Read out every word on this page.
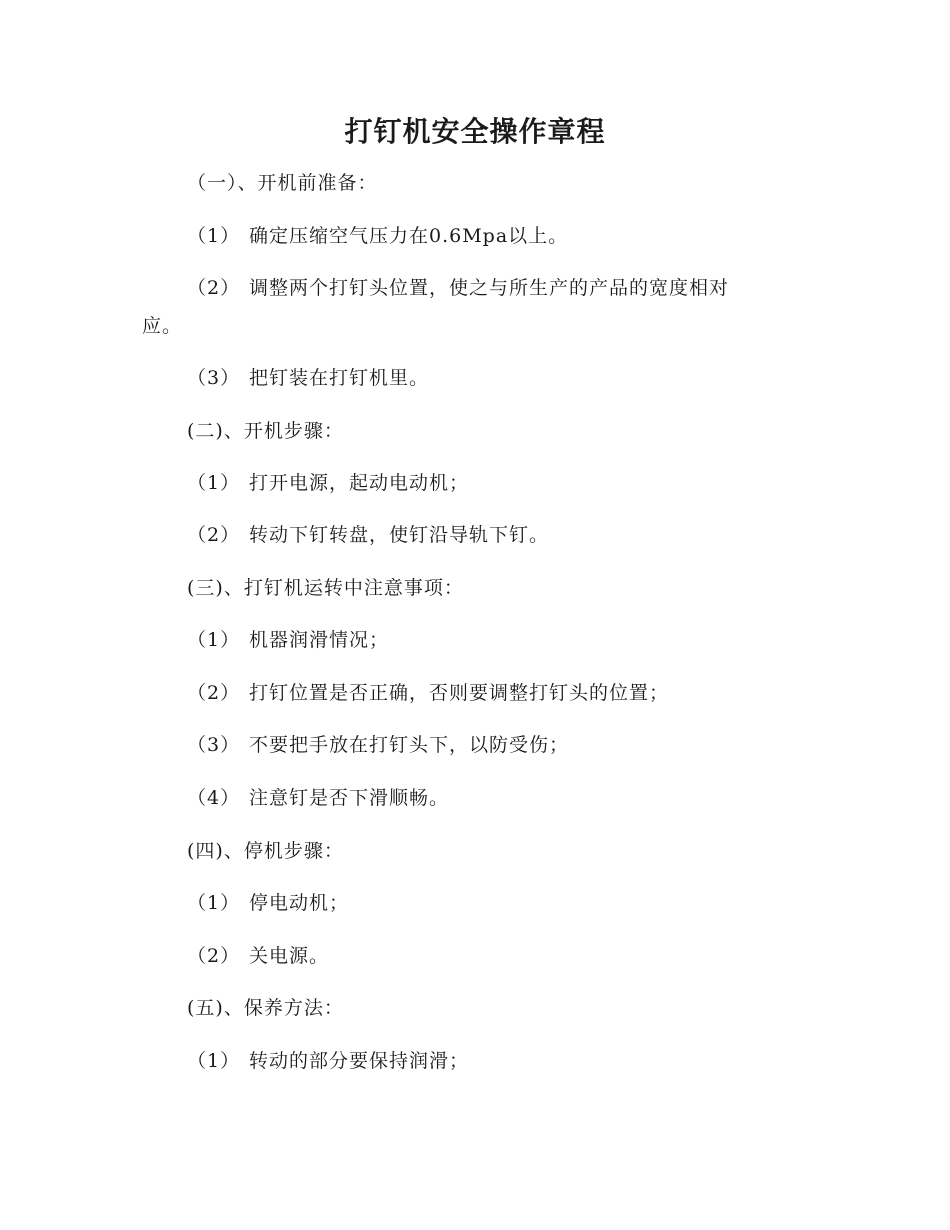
打钉机安全操作章程
（一）、开机前准备：
（1） 确定压缩空气压力在0.6Mpa以上。
（2） 调整两个打钉头位置，使之与所生产的产品的宽度相对
应。
（3） 把钉装在打钉机里。
(二)、开机步骤：
（1） 打开电源，起动电动机；
（2） 转动下钉转盘，使钉沿导轨下钉。
(三)、打钉机运转中注意事项：
（1） 机器润滑情况；
（2） 打钉位置是否正确，否则要调整打钉头的位置；
（3） 不要把手放在打钉头下，以防受伤；
（4） 注意钉是否下滑顺畅。
(四)、停机步骤：
（1） 停电动机；
（2） 关电源。
(五)、保养方法：
（1） 转动的部分要保持润滑；
